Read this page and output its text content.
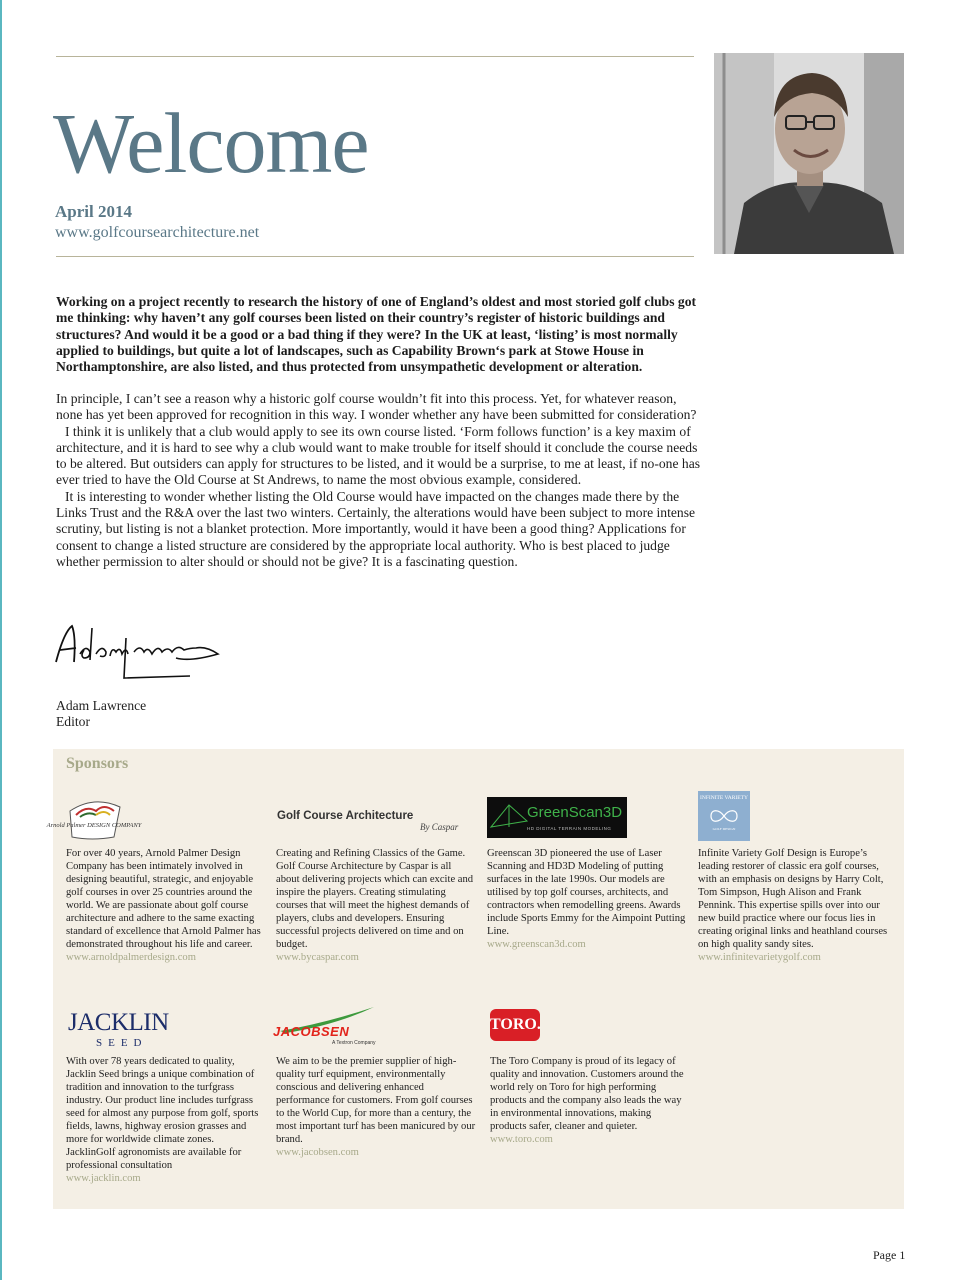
Welcome
April 2014
www.golfcoursearchitecture.net

Working on a project recently to research the history of one of England’s oldest and most storied golf clubs got me thinking: why haven’t any golf courses been listed on their country’s register of historic buildings and structures? And would it be a good or a bad thing if they were? In the UK at least, ‘listing’ is most normally applied to buildings, but quite a lot of landscapes, such as Capability Brown‘s park at Stowe House in Northamptonshire, are also listed, and thus protected from unsympathetic development or alteration.

In principle, I can’t see a reason why a historic golf course wouldn’t fit into this process. Yet, for whatever reason, none has yet been approved for recognition in this way. I wonder whether any have been submitted for consideration?

I think it is unlikely that a club would apply to see its own course listed. ‘Form follows function’ is a key maxim of architecture, and it is hard to see why a club would want to make trouble for itself should it conclude the course needs to be altered. But outsiders can apply for structures to be listed, and it would be a surprise, to me at least, if no-one has ever tried to have the Old Course at St Andrews, to name the most obvious example, considered.

It is interesting to wonder whether listing the Old Course would have impacted on the changes made there by the Links Trust and the R&A over the last two winters. Certainly, the alterations would have been subject to more intense scrutiny, but listing is not a blanket protection. More importantly, would it have been a good thing? Applications for consent to change a listed structure are considered by the appropriate local authority. Who is best placed to judge whether permission to alter should or should not be give? It is a fascinating question.

Adam Lawrence
Editor
Sponsors
Arnold Palmer DESIGN COMPANY

For over 40 years, Arnold Palmer Design Company has been intimately involved in designing beautiful, strategic, and enjoyable golf courses in over 25 countries around the world. We are passionate about golf course architecture and adhere to the same exacting standard of excellence that Arnold Palmer has demonstrated throughout his life and career.

www.arnoldpalmerdesign.com
Golf Course Architecture
By Caspar

Creating and Refining Classics of the Game. Golf Course Architecture by Caspar is all about delivering projects which can excite and inspire the players. Creating stimulating courses that will meet the highest demands of players, clubs and developers. Ensuring successful projects delivered on time and on budget.

www.bycaspar.com
GreenScan3D
HD DIGITAL TERRAIN MODELING

Greenscan 3D pioneered the use of Laser Scanning and HD3D Modeling of putting surfaces in the late 1990s. Our models are utilised by top golf courses, architects, and contractors when remodelling greens. Awards include Sports Emmy for the Aimpoint Putting Line.

www.greenscan3d.com
INFINITE VARIETY
GOLF DESIGN

Infinite Variety Golf Design is Europe’s leading restorer of classic era golf courses, with an emphasis on designs by Harry Colt, Tom Simpson, Hugh Alison and Frank Pennink. This expertise spills over into our new build practice where our focus lies in creating original links and heathland courses on high quality sandy sites.

www.infinitevarietygolf.com
JACKLIN
SEED

With over 78 years dedicated to quality, Jacklin Seed brings a unique combination of tradition and innovation to the turfgrass industry. Our product line includes turfgrass seed for almost any purpose from golf, sports fields, lawns, highway erosion grasses and more for worldwide climate zones. JacklinGolf agronomists are available for professional consultation

www.jacklin.com
JACOBSEN
A Textron Company

We aim to be the premier supplier of high-quality turf equipment, environmentally conscious and delivering enhanced performance for customers. From golf courses to the World Cup, for more than a century, the most important turf has been manicured by our brand.

www.jacobsen.com
TORO.

The Toro Company is proud of its legacy of quality and innovation. Customers around the world rely on Toro for high performing products and the company also leads the way in environmental innovations, making products safer, cleaner and quieter.

www.toro.com
Page 1
